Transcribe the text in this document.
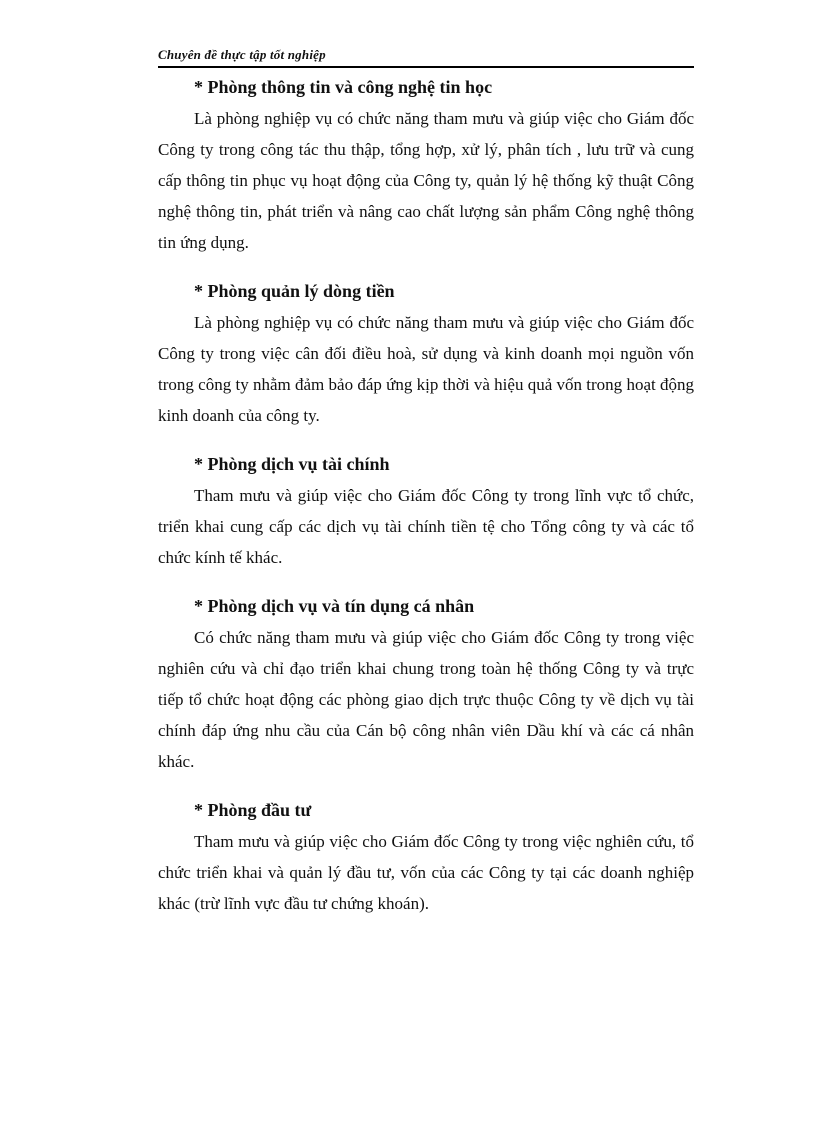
Chuyên đề thực tập tốt nghiệp
* Phòng thông tin và công nghệ tin học

Là phòng nghiệp vụ có chức năng tham mưu và giúp việc cho Giám đốc Công ty trong công tác thu thập, tổng hợp, xử lý, phân tích , lưu trữ và cung cấp thông tin phục vụ hoạt động của Công ty, quản lý hệ thống kỹ thuật Công nghệ thông tin, phát triển và nâng cao chất lượng sản phẩm Công nghệ thông tin ứng dụng.

* Phòng quản lý dòng tiền

Là phòng nghiệp vụ có chức năng tham mưu và giúp việc cho Giám đốc Công ty trong việc cân đối điều hoà, sử dụng và kinh doanh mọi nguồn vốn trong công ty nhằm đảm bảo đáp ứng kịp thời và hiệu quả vốn trong hoạt động kinh doanh của công ty.

* Phòng dịch vụ tài chính

Tham mưu và giúp việc cho Giám đốc Công ty trong lĩnh vực tổ chức, triển khai cung cấp các dịch vụ tài chính tiền tệ cho Tổng công ty và các tổ chức kính tế khác.

* Phòng dịch vụ và tín dụng cá nhân

Có chức năng tham mưu và giúp việc cho Giám đốc Công ty trong việc nghiên cứu và chỉ đạo triển khai chung trong toàn hệ thống Công ty và trực tiếp tổ chức hoạt động các phòng giao dịch trực thuộc Công ty về dịch vụ tài chính đáp ứng nhu cầu của Cán bộ công nhân viên Dầu khí và các cá nhân khác.

* Phòng đầu tư

Tham mưu và giúp việc cho Giám đốc Công ty trong việc nghiên cứu, tổ chức triển khai và quản lý đầu tư, vốn của các Công ty tại các doanh nghiệp khác (trừ lĩnh vực đầu tư chứng khoán).
